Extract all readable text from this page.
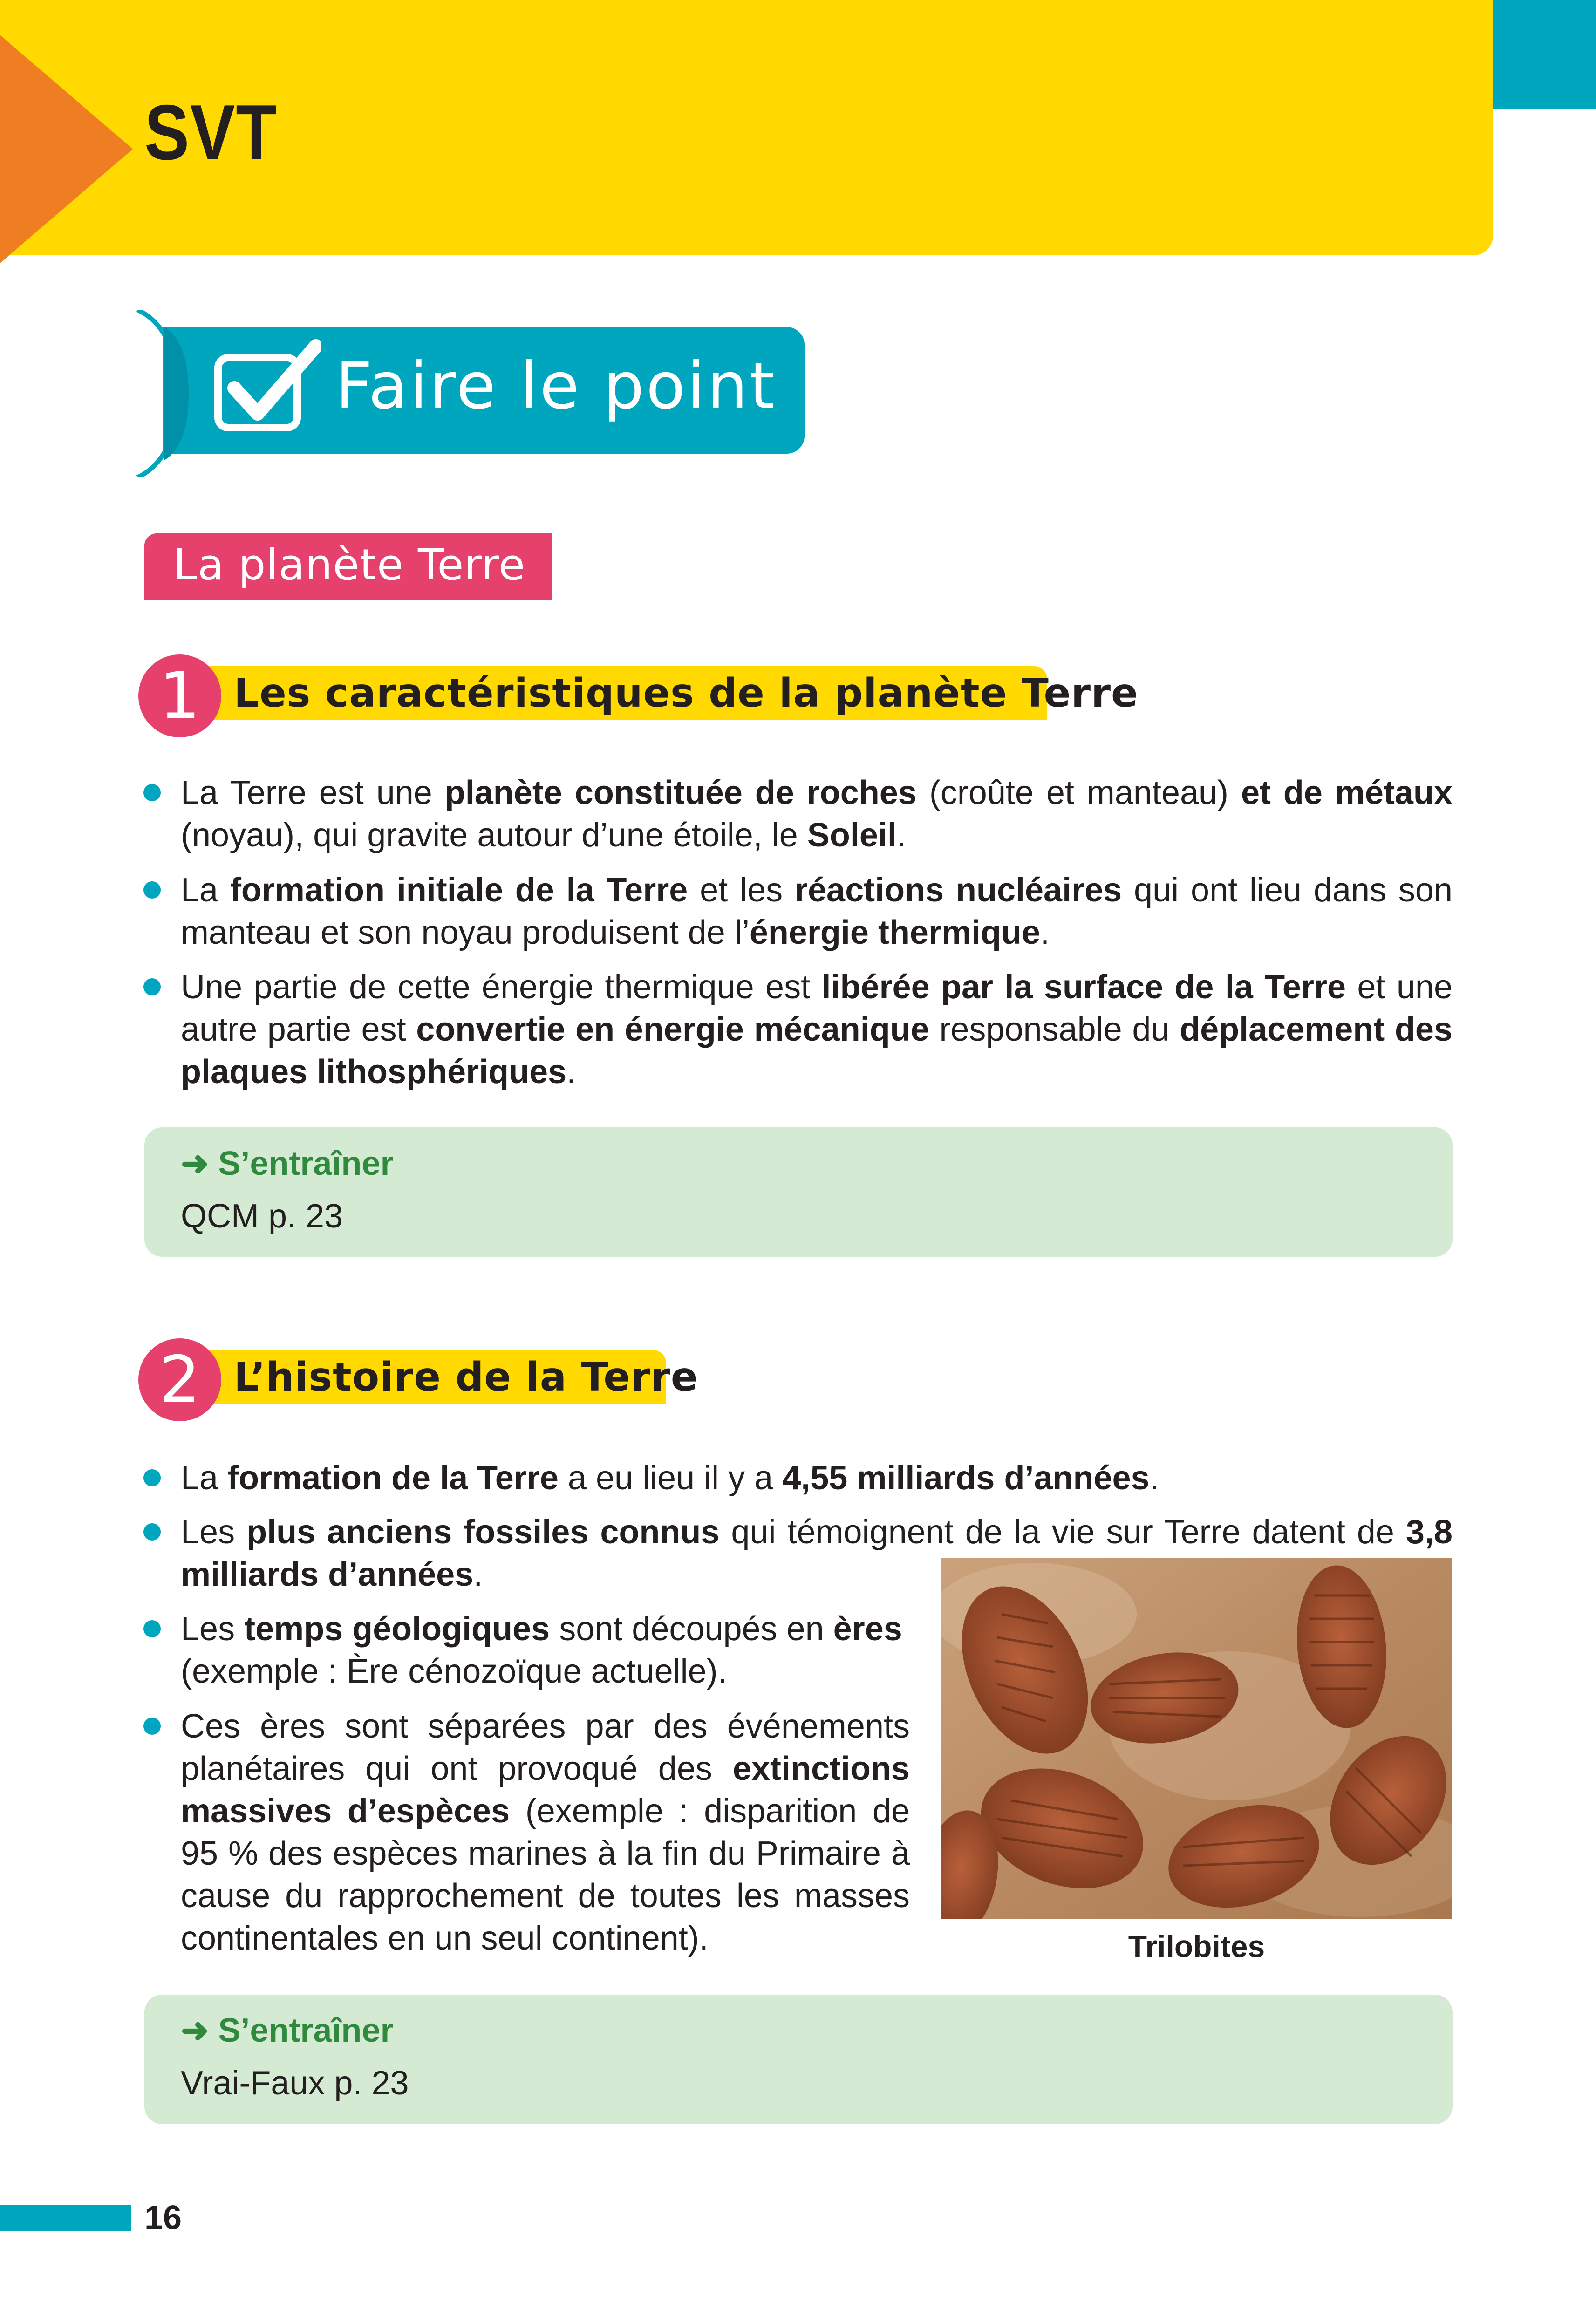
SVT
Faire le point
La planète Terre
1 Les caractéristiques de la planète Terre
La Terre est une planète constituée de roches (croûte et manteau) et de métaux (noyau), qui gravite autour d’une étoile, le Soleil.
La formation initiale de la Terre et les réactions nucléaires qui ont lieu dans son manteau et son noyau produisent de l’énergie thermique.
Une partie de cette énergie thermique est libérée par la surface de la Terre et une autre partie est convertie en énergie mécanique responsable du déplacement des plaques lithosphériques.
➜ S’entraîner
QCM p. 23
2 L’histoire de la Terre
La formation de la Terre a eu lieu il y a 4,55 milliards d’années.
Les plus anciens fossiles connus qui témoignent de la vie sur Terre datent de 3,8 milliards d’années.
Les temps géologiques sont découpés en ères (exemple : Ère cénozoïque actuelle).
Ces ères sont séparées par des événements planétaires qui ont provoqué des extinctions massives d’espèces (exemple : disparition de 95 % des espèces marines à la fin du Primaire à cause du rapprochement de toutes les masses continentales en un seul continent).	Trilobites
➜ S’entraîner
Vrai-Faux p. 23
16
